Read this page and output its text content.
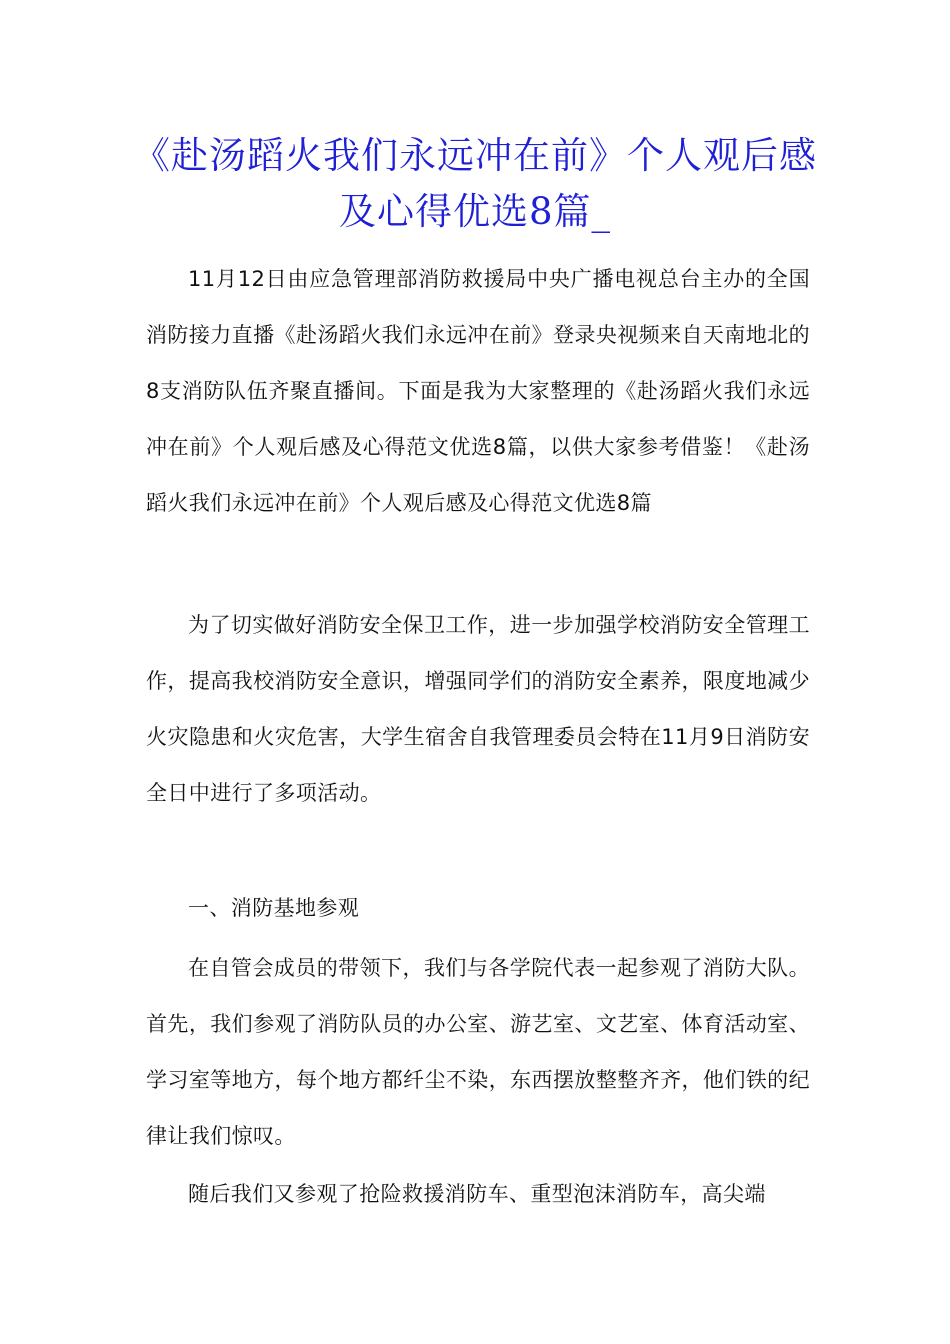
《赴汤蹈火我们永远冲在前》个人观后感及心得优选8篇_

11月12日由应急管理部消防救援局中央广播电视总台主办的全国消防接力直播《赴汤蹈火我们永远冲在前》登录央视频来自天南地北的8支消防队伍齐聚直播间。下面是我为大家整理的《赴汤蹈火我们永远冲在前》个人观后感及心得范文优选8篇，以供大家参考借鉴！《赴汤蹈火我们永远冲在前》个人观后感及心得范文优选8篇

为了切实做好消防安全保卫工作，进一步加强学校消防安全管理工作，提高我校消防安全意识，增强同学们的消防安全素养，限度地减少火灾隐患和火灾危害，大学生宿舍自我管理委员会特在11月9日消防安全日中进行了多项活动。

一、消防基地参观

在自管会成员的带领下，我们与各学院代表一起参观了消防大队。首先，我们参观了消防队员的办公室、游艺室、文艺室、体育活动室、学习室等地方，每个地方都纤尘不染，东西摆放整整齐齐，他们铁的纪律让我们惊叹。

随后我们又参观了抢险救援消防车、重型泡沫消防车，高尖端
